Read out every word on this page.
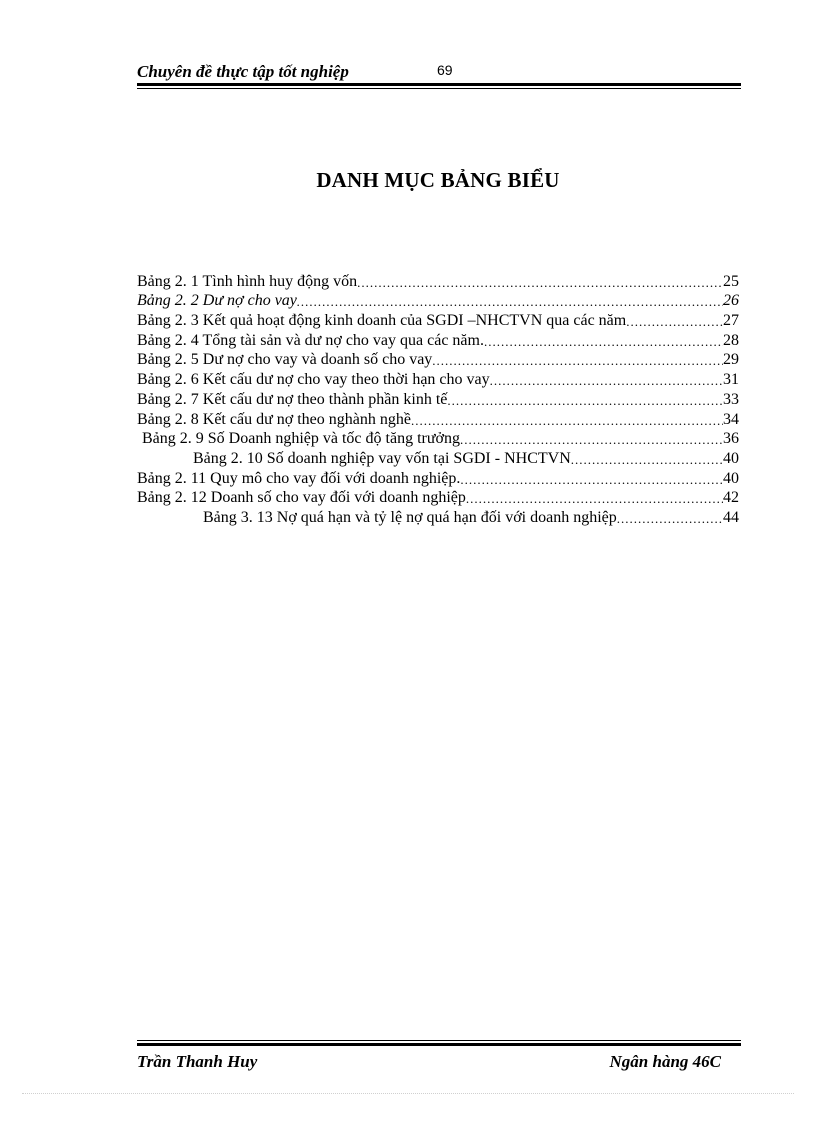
Chuyên đề thực tập tốt nghiệp	69
DANH MỤC BẢNG BIỂU
Bảng 2. 1 Tình hình huy động vốn .....	25
Bảng 2. 2 Dư nợ cho vay .....	26
Bảng 2. 3 Kết quả hoạt động kinh doanh của SGDI –NHCTVN qua các năm .....	27
Bảng 2. 4 Tổng tài sản và dư nợ cho vay qua các năm. .....	28
Bảng 2. 5 Dư nợ cho vay và doanh số cho vay .....	29
Bảng 2. 6 Kết cấu dư nợ cho vay theo thời hạn cho vay .....	31
Bảng 2. 7 Kết cấu dư nợ theo thành phần kinh tế .....	33
Bảng 2. 8 Kết cấu dư nợ theo nghành nghề .....	34
Bảng 2. 9 Số Doanh nghiệp và tốc độ tăng trưởng .....	36
Bảng 2. 10 Số doanh nghiệp vay vốn tại SGDI - NHCTVN .....	40
Bảng 2. 11 Quy mô cho vay đối với doanh nghiệp. .....	40
Bảng 2. 12 Doanh số cho vay đối với doanh nghiệp .....	42
Bảng 3. 13 Nợ quá hạn và tỷ lệ nợ quá hạn đối với doanh nghiệp .....	44
Trần Thanh Huy	Ngân hàng 46C
